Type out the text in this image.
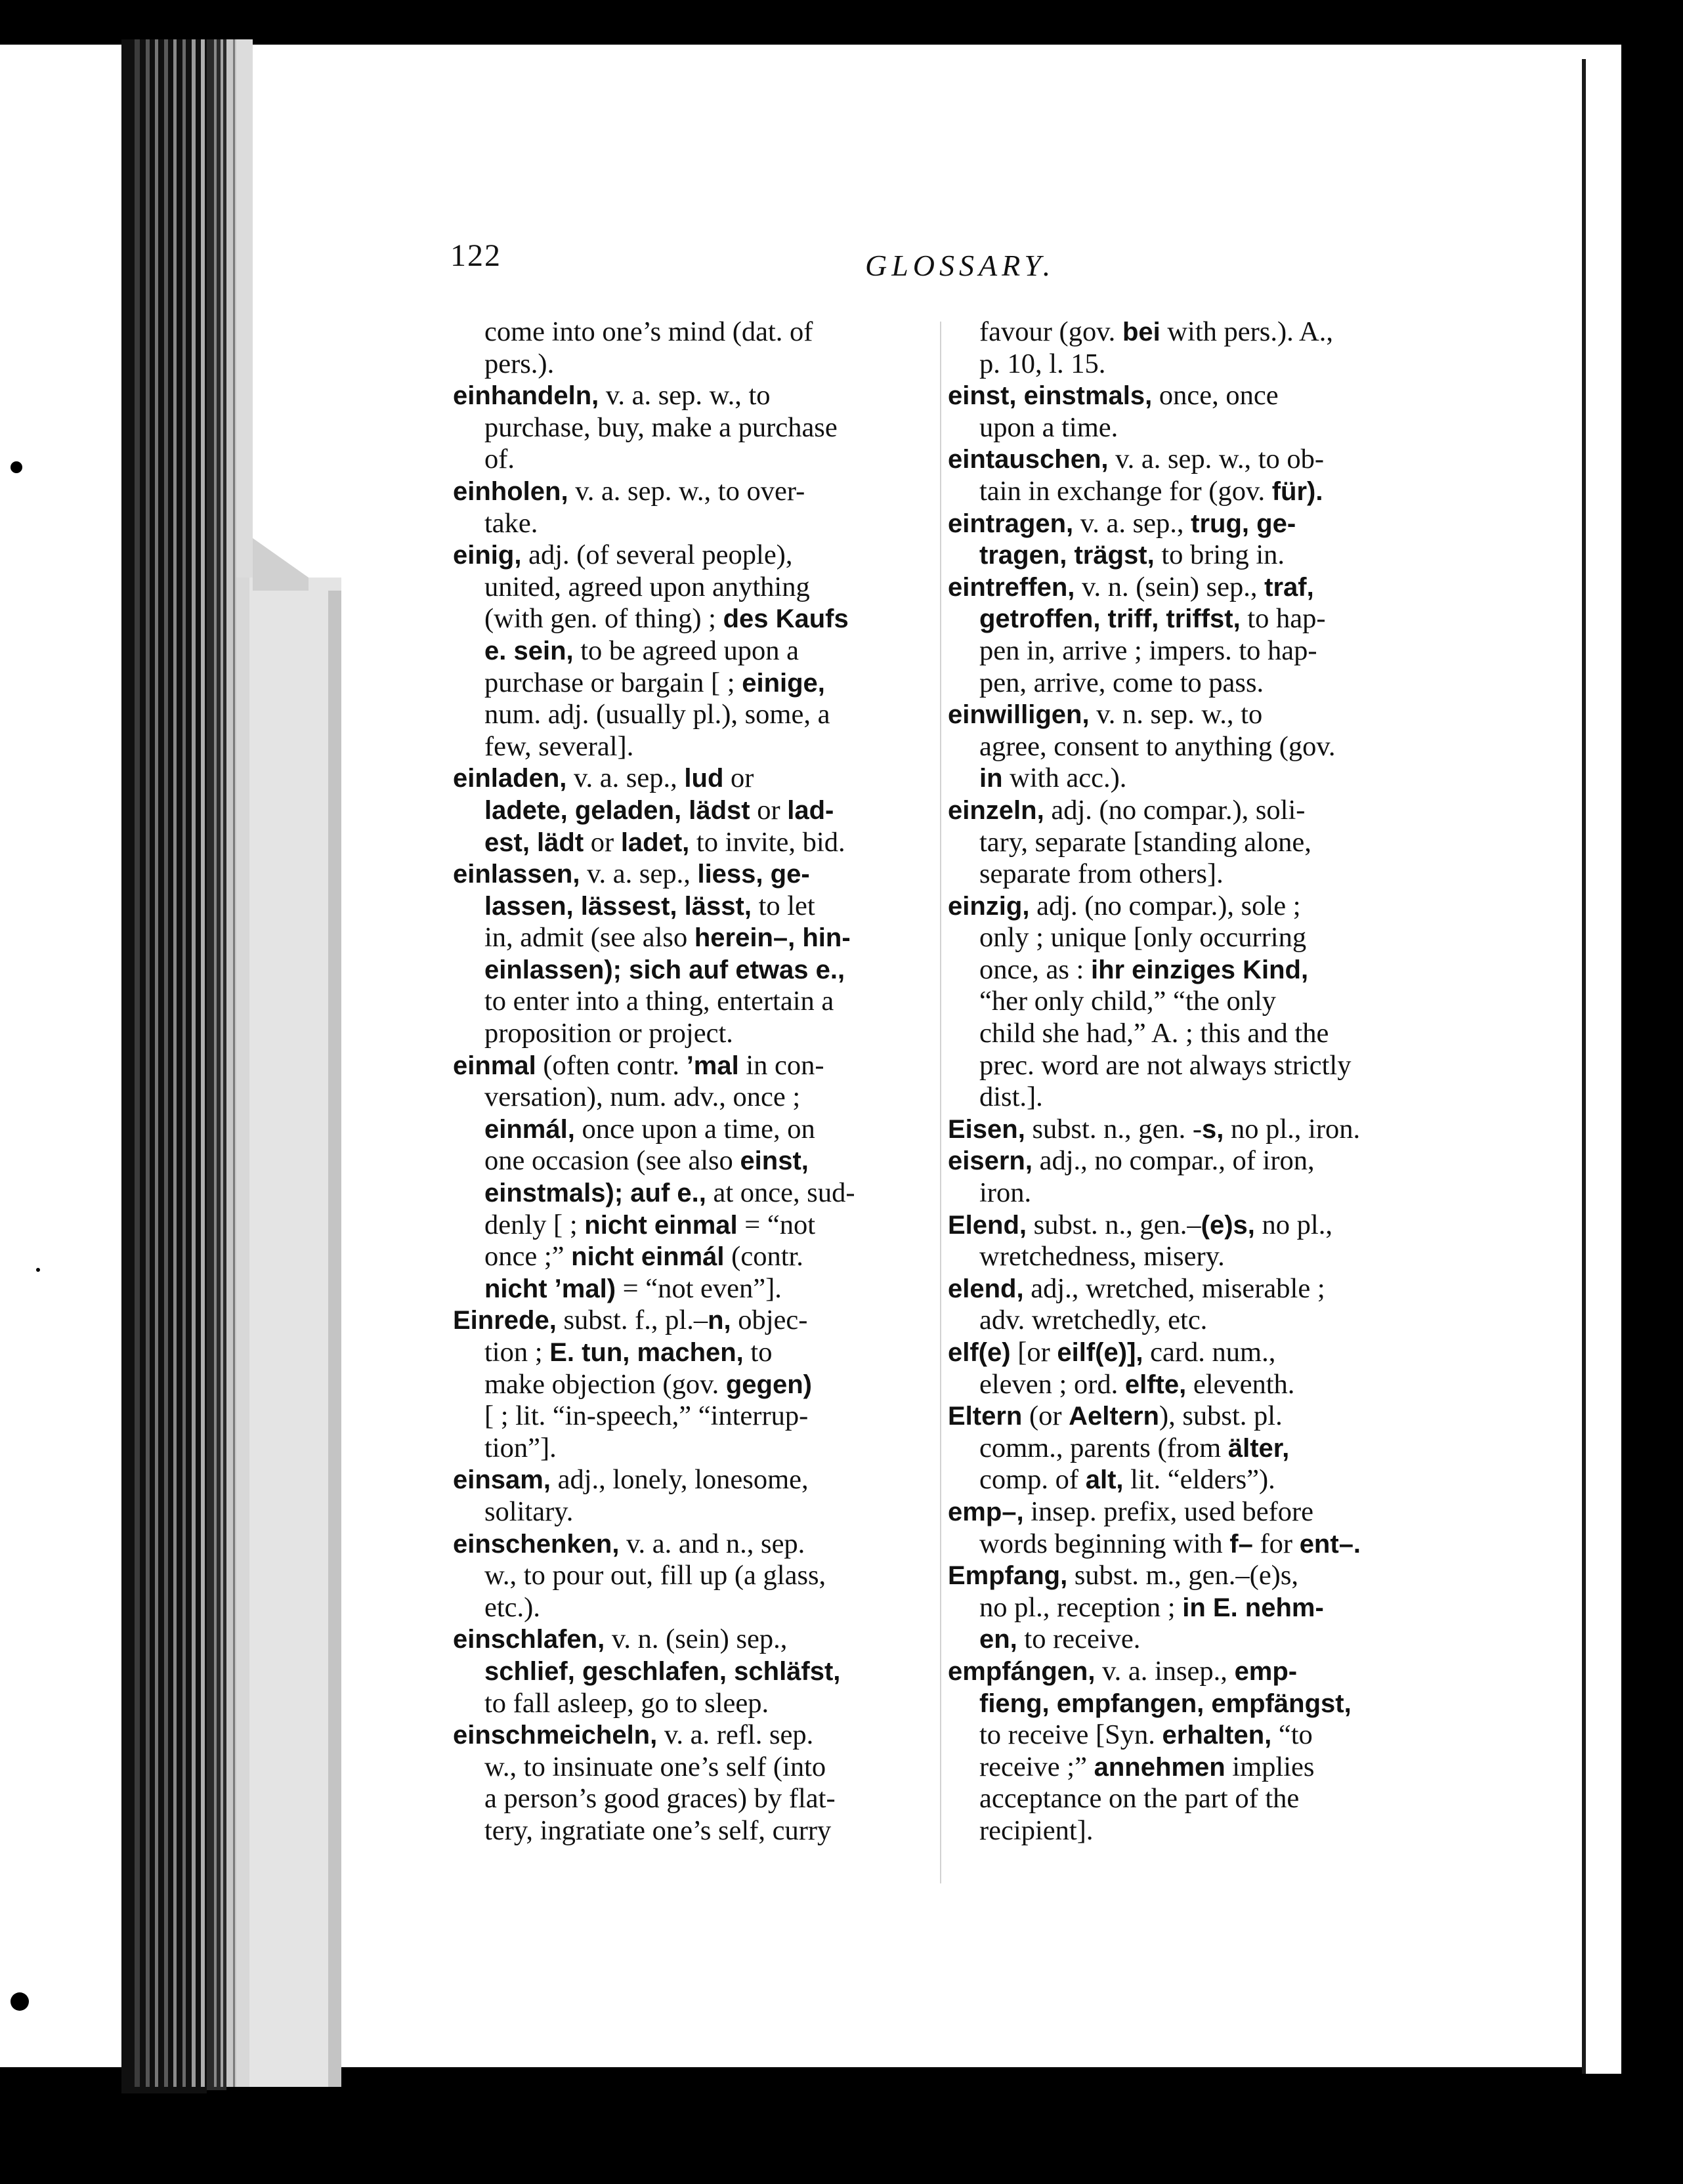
122	GLOSSARY.
come into one’s mind (dat. of
pers.).
einhandeln, v. a. sep. w., to
purchase, buy, make a purchase
of.
einholen, v. a. sep. w., to over-
take.
einig, adj. (of several people),
united, agreed upon anything
(with gen. of thing) ; des Kaufs
e. sein, to be agreed upon a
purchase or bargain [ ; einige,
num. adj. (usually pl.), some, a
few, several].
einladen, v. a. sep., lud or
ladete, geladen, lädst or lad-
est, lädt or ladet, to invite, bid.
einlassen, v. a. sep., liess, ge-
lassen, lässest, lässt, to let
in, admit (see also herein–, hin-
einlassen); sich auf etwas e.,
to enter into a thing, entertain a
proposition or project.
einmal (often contr. ’mal in con-
versation), num. adv., once ;
einmál, once upon a time, on
one occasion (see also einst,
einstmals); auf e., at once, sud-
denly [ ; nicht einmal = “not
once ;” nicht einmál (contr.
nicht ’mal) = “not even”].
Einrede, subst. f., pl.–n, objec-
tion ; E. tun, machen, to
make objection (gov. gegen)
[ ; lit. “in-speech,” “interrup-
tion”].
einsam, adj., lonely, lonesome,
solitary.
einschenken, v. a. and n., sep.
w., to pour out, fill up (a glass,
etc.).
einschlafen, v. n. (sein) sep.,
schlief, geschlafen, schläfst,
to fall asleep, go to sleep.
einschmeicheln, v. a. refl. sep.
w., to insinuate one’s self (into
a person’s good graces) by flat-
tery, ingratiate one’s self, curry
favour (gov. bei with pers.). A.,
p. 10, l. 15.
einst, einstmals, once, once
upon a time.
eintauschen, v. a. sep. w., to ob-
tain in exchange for (gov. für).
eintragen, v. a. sep., trug, ge-
tragen, trägst, to bring in.
eintreffen, v. n. (sein) sep., traf,
getroffen, triff, triffst, to hap-
pen in, arrive ; impers. to hap-
pen, arrive, come to pass.
einwilligen, v. n. sep. w., to
agree, consent to anything (gov.
in with acc.).
einzeln, adj. (no compar.), soli-
tary, separate [standing alone,
separate from others].
einzig, adj. (no compar.), sole ;
only ; unique [only occurring
once, as : ihr einziges Kind,
“her only child,” “the only
child she had,” A. ; this and the
prec. word are not always strictly
dist.].
Eisen, subst. n., gen. -s, no pl., iron.
eisern, adj., no compar., of iron,
iron.
Elend, subst. n., gen.–(e)s, no pl.,
wretchedness, misery.
elend, adj., wretched, miserable ;
adv. wretchedly, etc.
elf(e) [or eilf(e)], card. num.,
eleven ; ord. elfte, eleventh.
Eltern (or Aeltern), subst. pl.
comm., parents (from älter,
comp. of alt, lit. “elders”).
emp–, insep. prefix, used before
words beginning with f– for ent–.
Empfang, subst. m., gen.–(e)s,
no pl., reception ; in E. nehm-
en, to receive.
empfángen, v. a. insep., emp-
fieng, empfangen, empfängst,
to receive [Syn. erhalten, “to
receive ;” annehmen implies
acceptance on the part of the
recipient].
